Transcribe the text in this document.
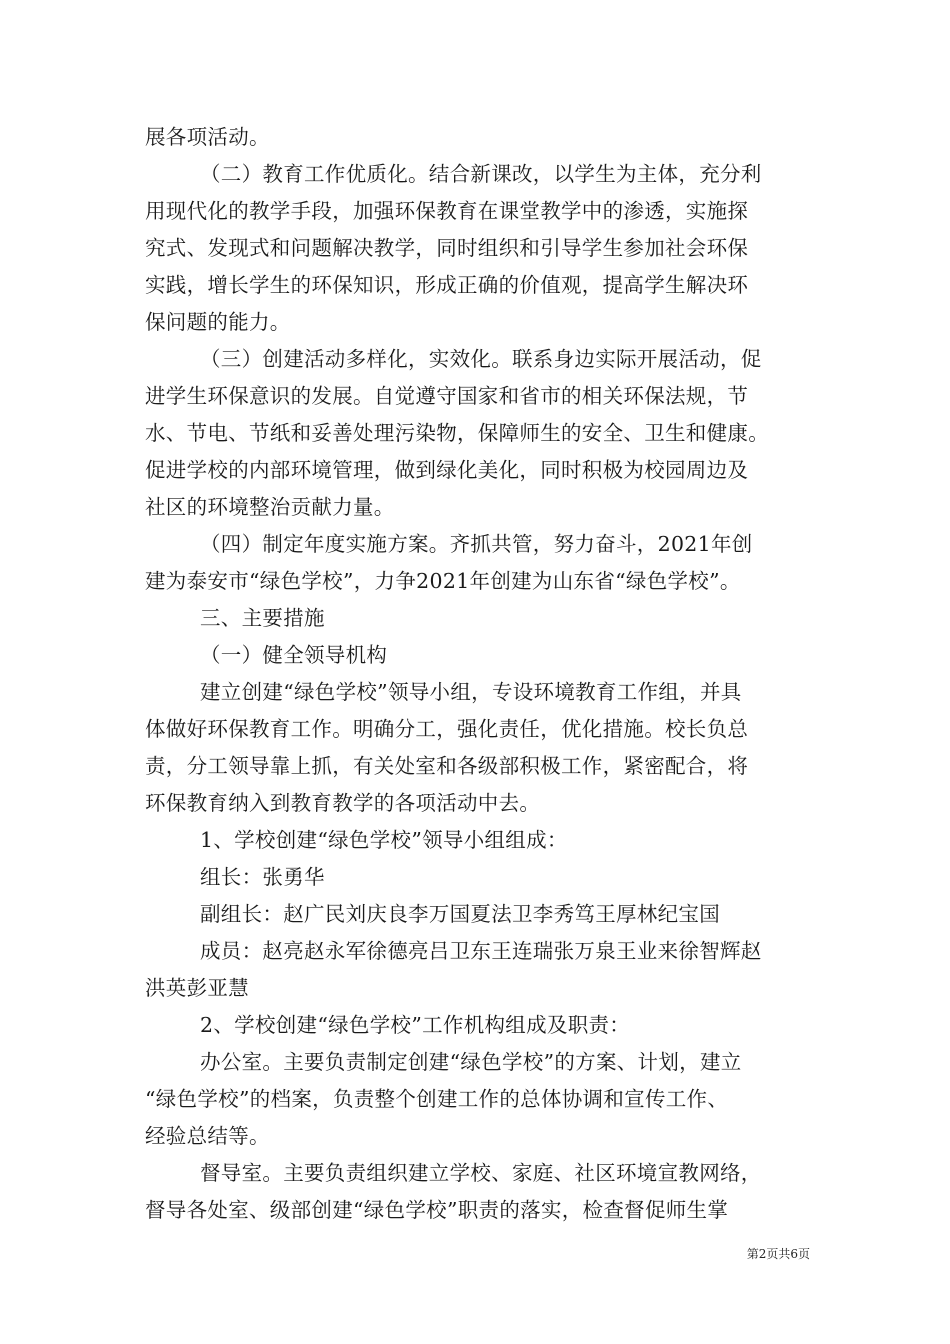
展各项活动。
（二）教育工作优质化。结合新课改，以学生为主体，充分利
用现代化的教学手段，加强环保教育在课堂教学中的渗透，实施探
究式、发现式和问题解决教学，同时组织和引导学生参加社会环保
实践，增长学生的环保知识，形成正确的价值观，提高学生解决环
保问题的能力。
（三）创建活动多样化，实效化。联系身边实际开展活动，促
进学生环保意识的发展。自觉遵守国家和省市的相关环保法规，节
水、节电、节纸和妥善处理污染物，保障师生的安全、卫生和健康。
促进学校的内部环境管理，做到绿化美化，同时积极为校园周边及
社区的环境整治贡献力量。
（四）制定年度实施方案。齐抓共管，努力奋斗，2021年创
建为泰安市“绿色学校”，力争2021年创建为山东省“绿色学校”。
三、主要措施
（一）健全领导机构
建立创建“绿色学校”领导小组，专设环境教育工作组，并具
体做好环保教育工作。明确分工，强化责任，优化措施。校长负总
责，分工领导靠上抓，有关处室和各级部积极工作，紧密配合，将
环保教育纳入到教育教学的各项活动中去。
1、学校创建“绿色学校”领导小组组成：
组长：张勇华
副组长：赵广民刘庆良李万国夏法卫李秀笃王厚林纪宝国
成员：赵亮赵永军徐德亮吕卫东王连瑞张万泉王业来徐智辉赵
洪英彭亚慧
2、学校创建“绿色学校”工作机构组成及职责：
办公室。主要负责制定创建“绿色学校”的方案、计划，建立
“绿色学校”的档案，负责整个创建工作的总体协调和宣传工作、
经验总结等。
督导室。主要负责组织建立学校、家庭、社区环境宣教网络，
督导各处室、级部创建“绿色学校”职责的落实，检查督促师生掌
第2页共6页
